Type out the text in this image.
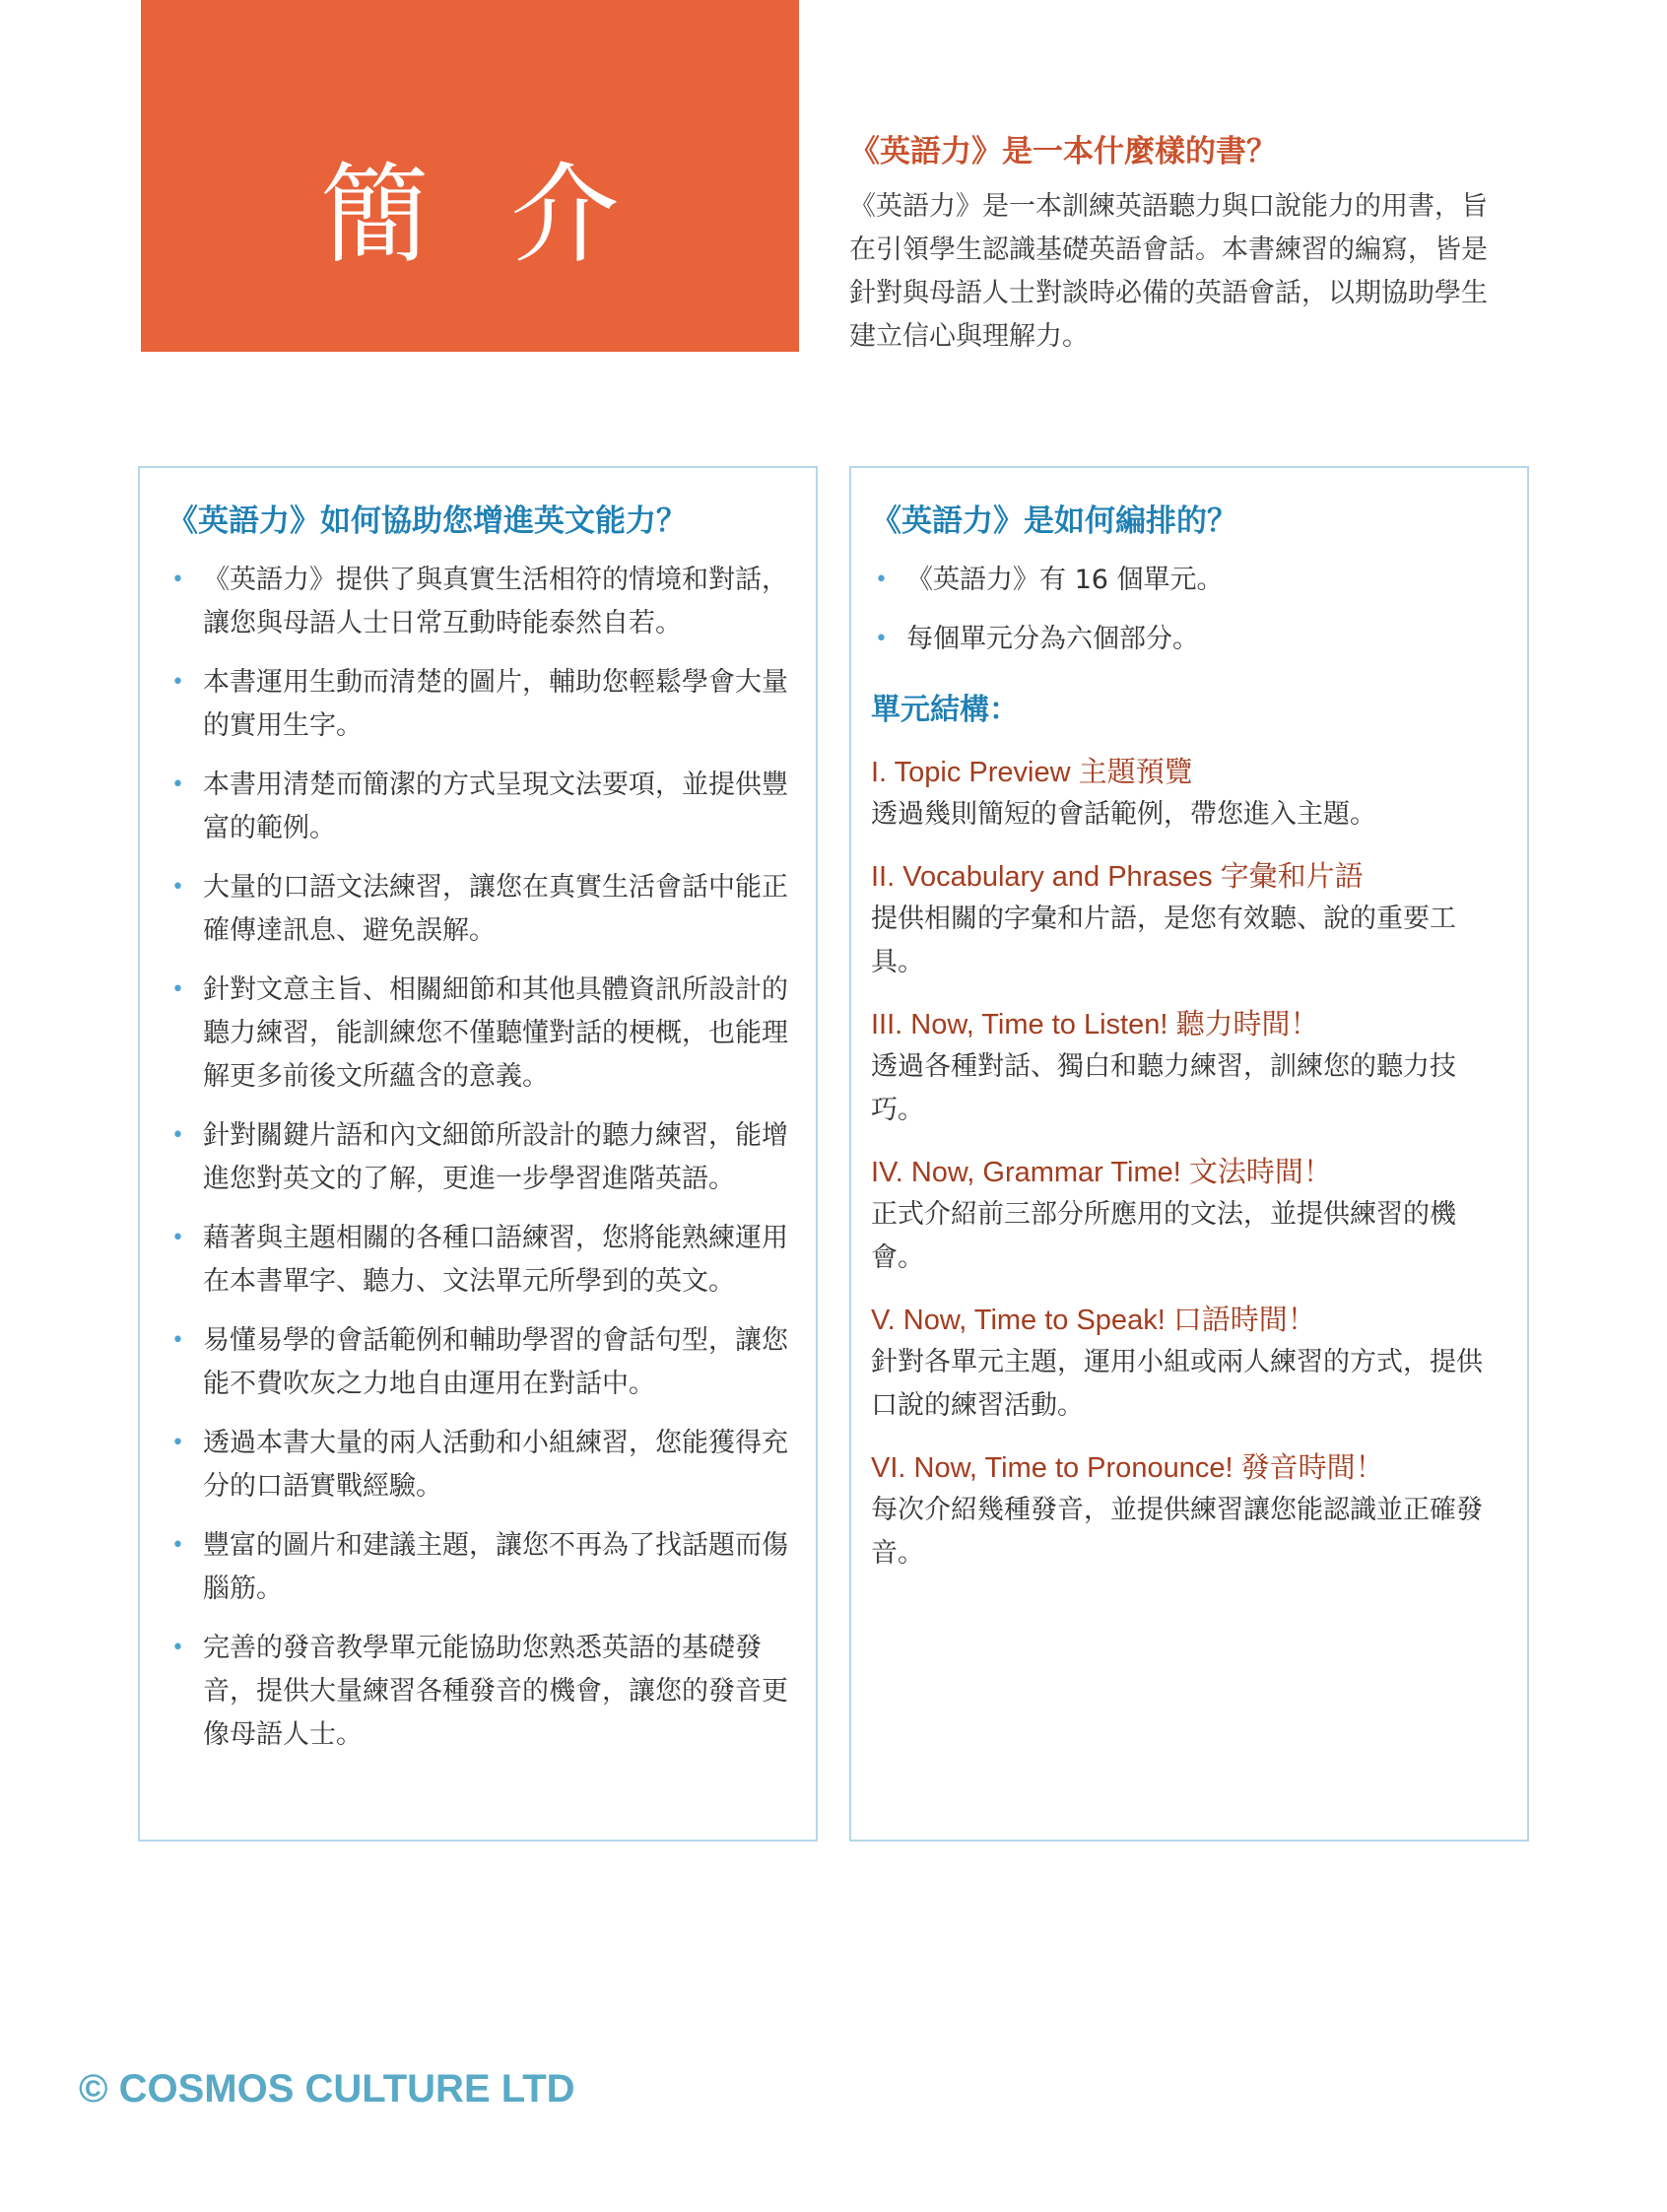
簡 介	《英語力》是一本什麼樣的書？

《英語力》是一本訓練英語聽力與口說能力的用書，旨在引領學生認識基礎英語會話。本書練習的編寫，皆是針對與母語人士對談時必備的英語會話，以期協助學生建立信心與理解力。

《英語力》如何協助您增進英文能力？
• 《英語力》提供了與真實生活相符的情境和對話，讓您與母語人士日常互動時能泰然自若。
• 本書運用生動而清楚的圖片，輔助您輕鬆學會大量的實用生字。
• 本書用清楚而簡潔的方式呈現文法要項，並提供豐富的範例。
• 大量的口語文法練習，讓您在真實生活會話中能正確傳達訊息、避免誤解。
• 針對文意主旨、相關細節和其他具體資訊所設計的聽力練習，能訓練您不僅聽懂對話的梗概，也能理解更多前後文所蘊含的意義。
• 針對關鍵片語和內文細節所設計的聽力練習，能增進您對英文的了解，更進一步學習進階英語。
• 藉著與主題相關的各種口語練習，您將能熟練運用在本書單字、聽力、文法單元所學到的英文。
• 易懂易學的會話範例和輔助學習的會話句型，讓您能不費吹灰之力地自由運用在對話中。
• 透過本書大量的兩人活動和小組練習，您能獲得充分的口語實戰經驗。
• 豐富的圖片和建議主題，讓您不再為了找話題而傷腦筋。
• 完善的發音教學單元能協助您熟悉英語的基礎發音，提供大量練習各種發音的機會，讓您的發音更像母語人士。
《英語力》是如何編排的？
• 《英語力》有 16 個單元。
• 每個單元分為六個部分。
單元結構：

I. Topic Preview 主題預覽

透過幾則簡短的會話範例，帶您進入主題。

II. Vocabulary and Phrases 字彙和片語

提供相關的字彙和片語，是您有效聽、說的重要工具。

III. Now, Time to Listen! 聽力時間！

透過各種對話、獨白和聽力練習，訓練您的聽力技巧。

IV. Now, Grammar Time! 文法時間！

正式介紹前三部分所應用的文法，並提供練習的機會。

V. Now, Time to Speak! 口語時間！

針對各單元主題，運用小組或兩人練習的方式，提供口說的練習活動。

VI. Now, Time to Pronounce! 發音時間！

每次介紹幾種發音，並提供練習讓您能認識並正確發音。

© COSMOS CULTURE LTD
